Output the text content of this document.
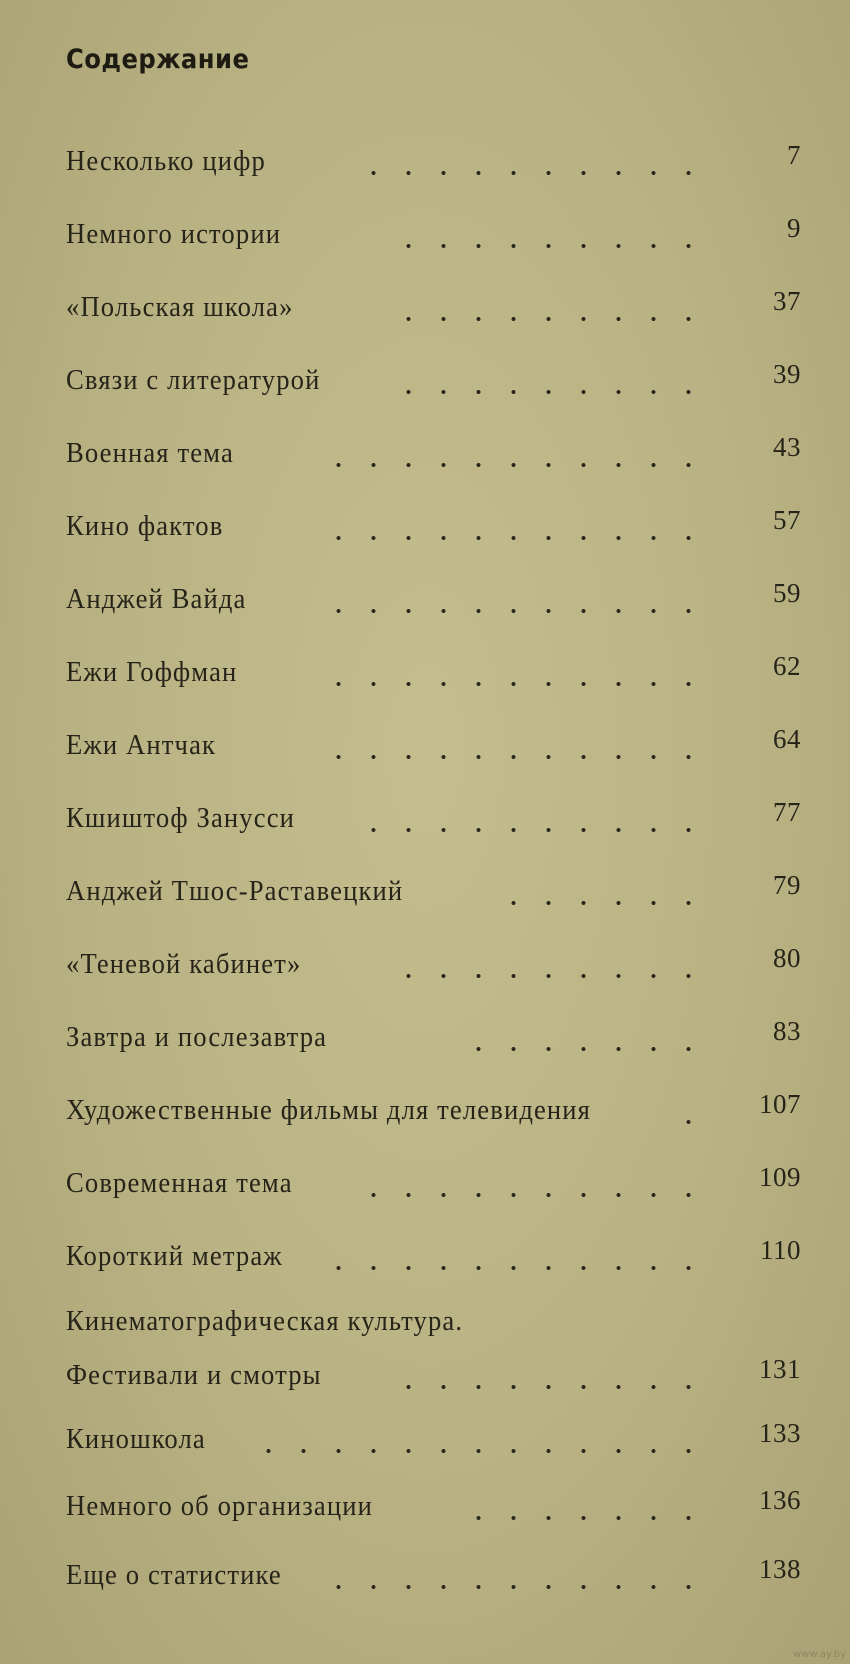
Содержание
Несколько цифр	7
Немного истории	9
«Польская школа»	37
Связи с литературой	39
Военная тема	43
Кино фактов	57
Анджей Вайда	59
Ежи Гоффман	62
Ежи Антчак	64
Кшиштоф Занусси	77
Анджей Тшос-Раставецкий	79
«Теневой кабинет»	80
Завтра и послезавтра	83
Художественные фильмы для телевидения	107
Современная тема	109
Короткий метраж	110
Кинематографическая культура.
Фестивали и смотры	131
Киношкола	133
Немного об организации	136
Еще о статистике	138
www.ay.by
